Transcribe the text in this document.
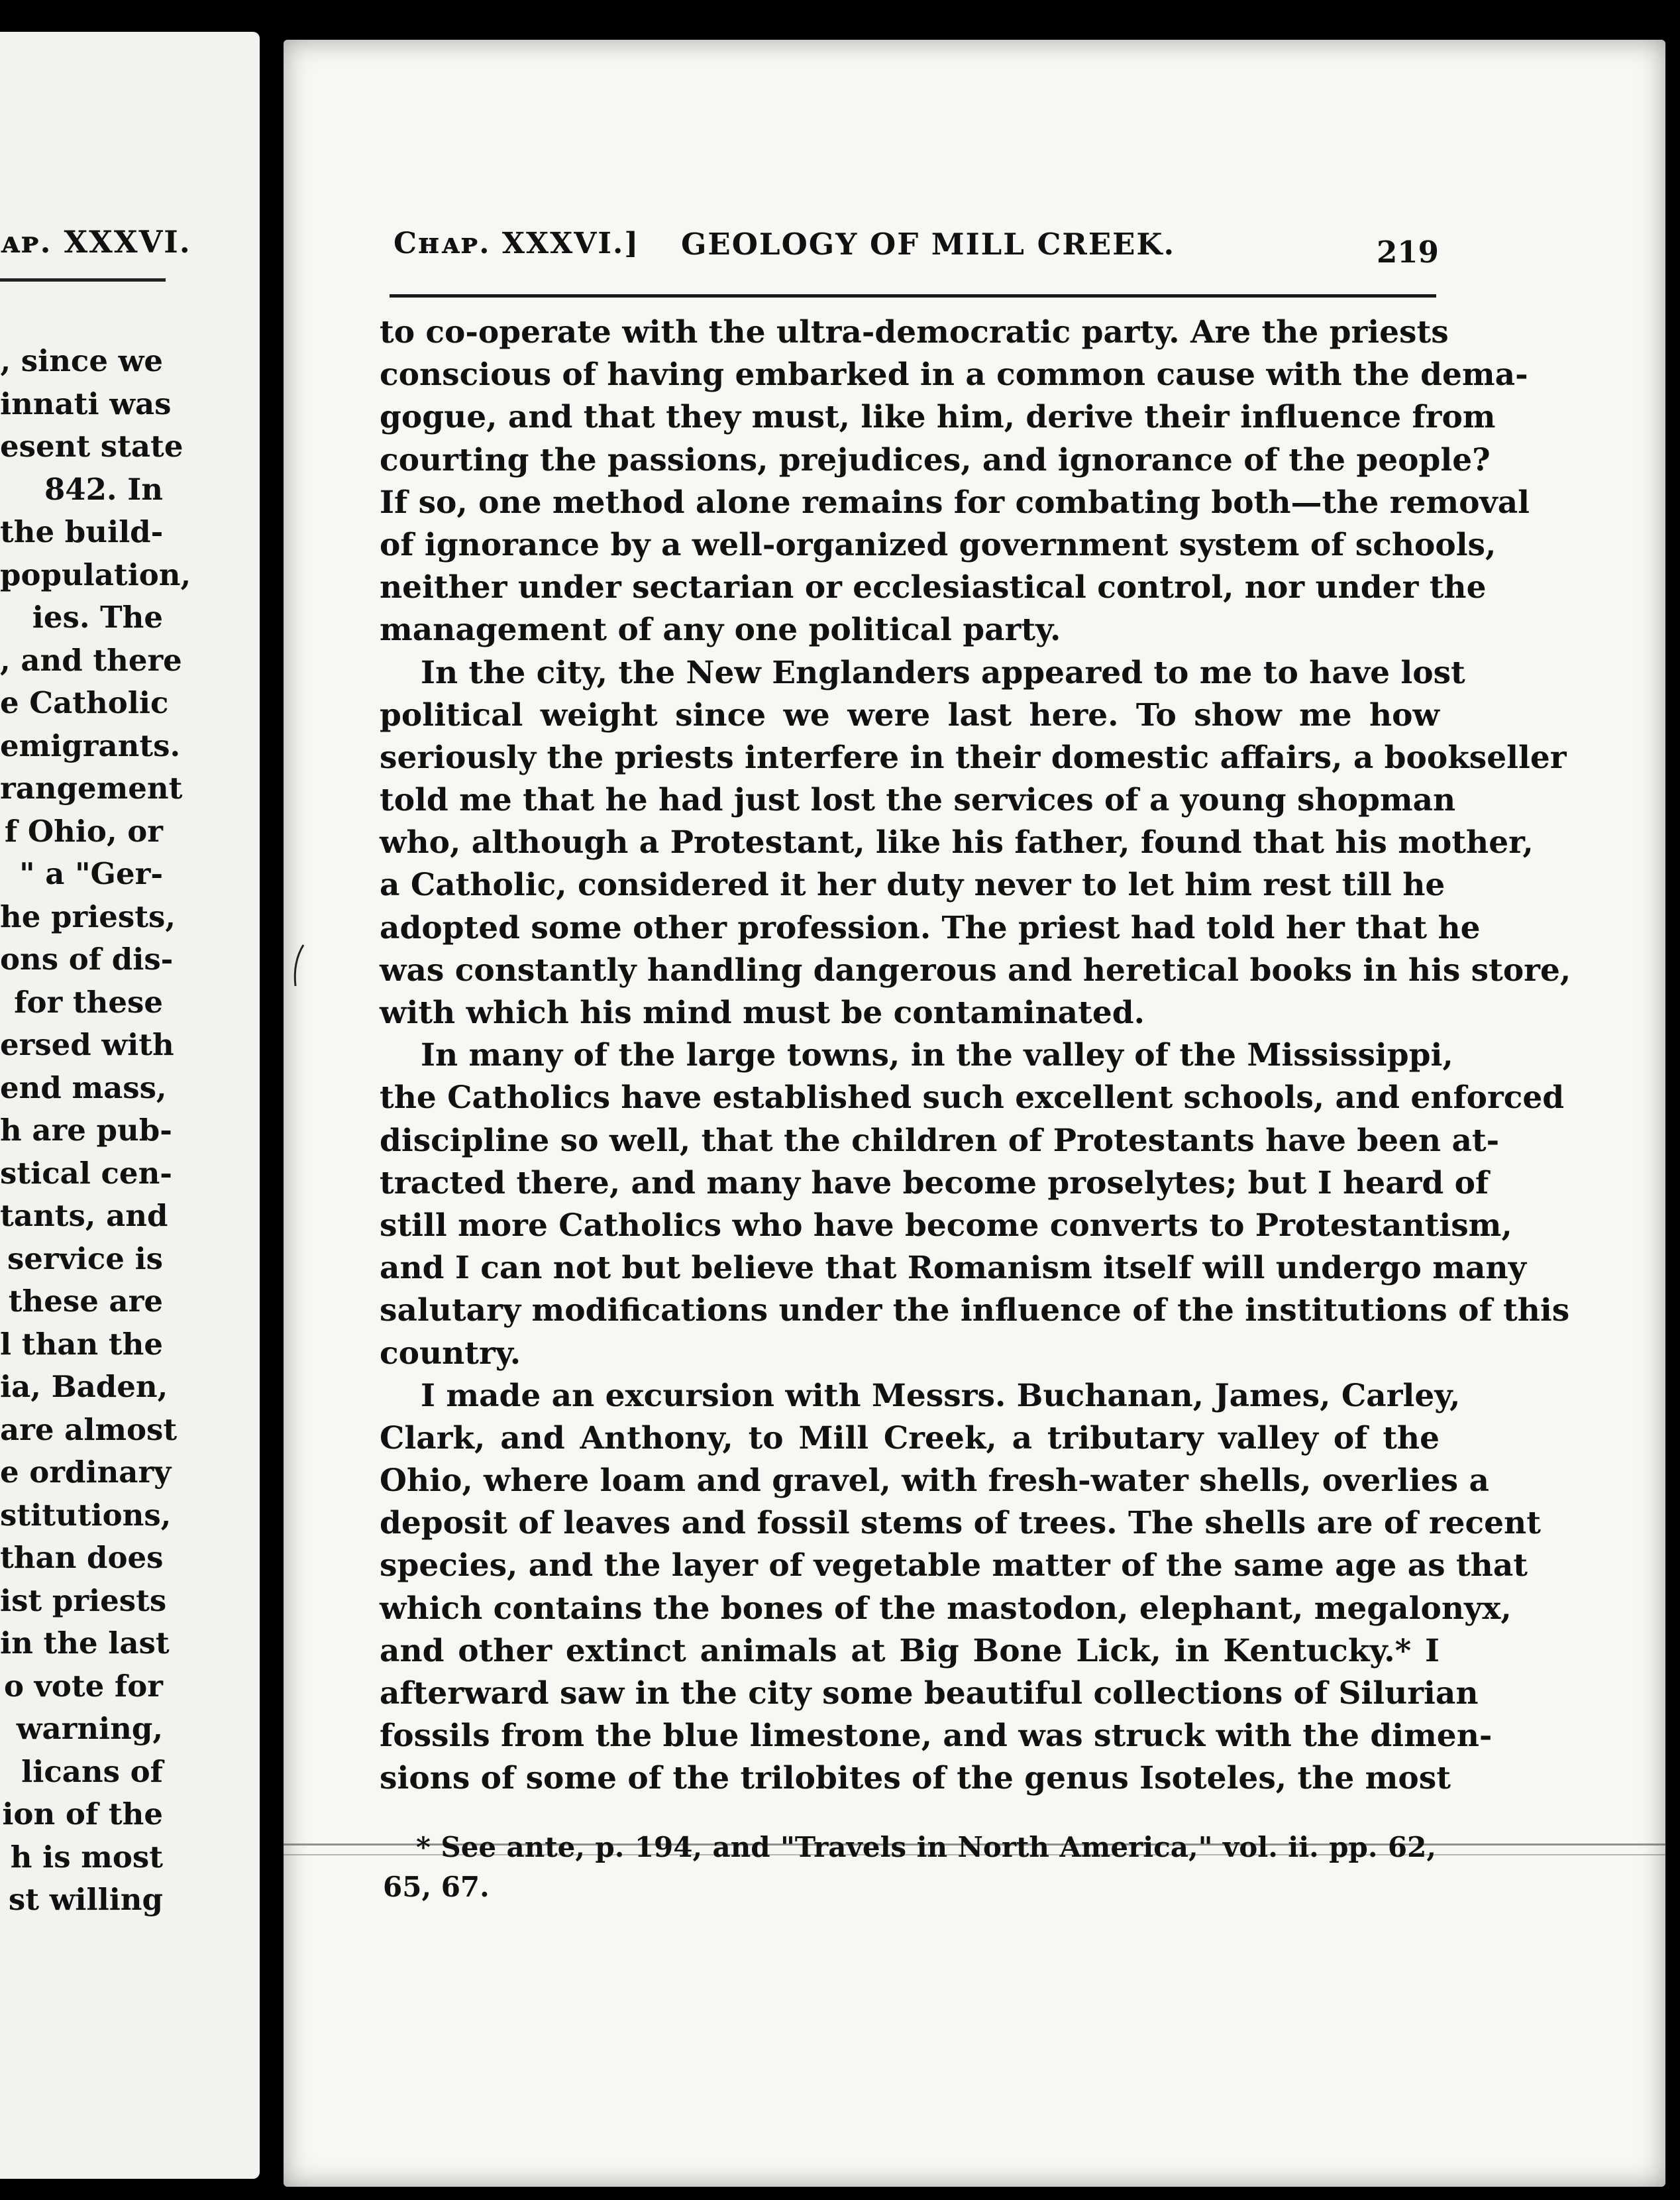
ᴀᴘ. XXXVI.
, since we
innati was
esent state
842. In
the build-
population,
ies. The
, and there
e Catholic
emigrants.
rangement
f Ohio, or
" a "Ger-
he priests,
ons of dis-
for these
ersed with
end mass,
h are pub-
stical cen-
tants, and
service is
these are
l than the
ia, Baden,
are almost
e ordinary
stitutions,
than does
ist priests
in the last
o vote for
warning,
licans of
ion of the
h is most
st willing
Cʜᴀᴘ. XXXVI.] GEOLOGY OF MILL CREEK.	219
to co-operate with the ultra-democratic party. Are the priests
conscious of having embarked in a common cause with the dema-
gogue, and that they must, like him, derive their influence from
courting the passions, prejudices, and ignorance of the people?
If so, one method alone remains for combating both—the removal
of ignorance by a well-organized government system of schools,
neither under sectarian or ecclesiastical control, nor under the
management of any one political party.
In the city, the New Englanders appeared to me to have lost
political weight since we were last here. To show me how
seriously the priests interfere in their domestic affairs, a bookseller
told me that he had just lost the services of a young shopman
who, although a Protestant, like his father, found that his mother,
a Catholic, considered it her duty never to let him rest till he
adopted some other profession. The priest had told her that he
was constantly handling dangerous and heretical books in his store,
with which his mind must be contaminated.
In many of the large towns, in the valley of the Mississippi,
the Catholics have established such excellent schools, and enforced
discipline so well, that the children of Protestants have been at-
tracted there, and many have become proselytes; but I heard of
still more Catholics who have become converts to Protestantism,
and I can not but believe that Romanism itself will undergo many
salutary modifications under the influence of the institutions of this
country.
I made an excursion with Messrs. Buchanan, James, Carley,
Clark, and Anthony, to Mill Creek, a tributary valley of the
Ohio, where loam and gravel, with fresh-water shells, overlies a
deposit of leaves and fossil stems of trees. The shells are of recent
species, and the layer of vegetable matter of the same age as that
which contains the bones of the mastodon, elephant, megalonyx,
and other extinct animals at Big Bone Lick, in Kentucky.* I
afterward saw in the city some beautiful collections of Silurian
fossils from the blue limestone, and was struck with the dimen-
sions of some of the trilobites of the genus Isoteles, the most
* See ante, p. 194, and "Travels in North America," vol. ii. pp. 62,
65, 67.
